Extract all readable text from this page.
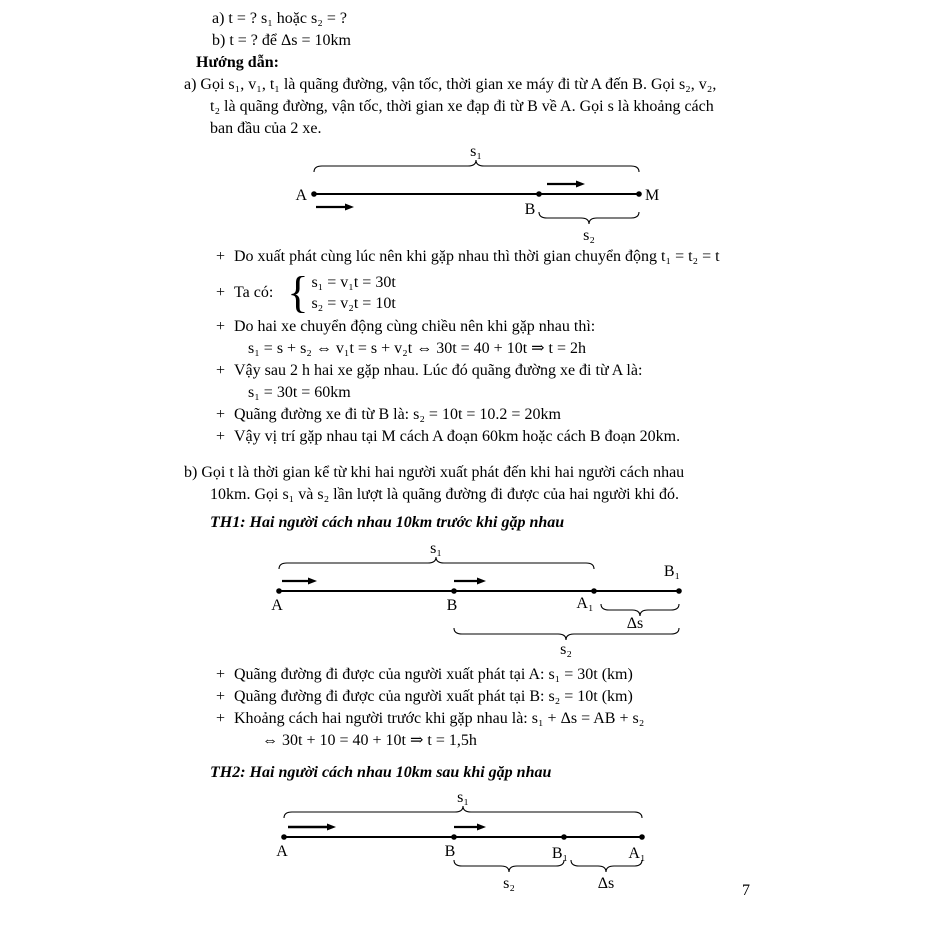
a) t = ? s₁ hoặc s₂ = ?
b) t = ? để Δs = 10km
Hướng dẫn:
a) Gọi s₁, v₁, t₁ là quãng đường, vận tốc, thời gian xe máy đi từ A đến B. Gọi s₂, v₂,
t₂ là quãng đường, vận tốc, thời gian xe đạp đi từ B về A. Gọi s là khoảng cách
ban đầu của 2 xe.
s₁
A	M
B
s₂
+ Do xuất phát cùng lúc nên khi gặp nhau thì thời gian chuyển động t₁ = t₂ = t
+ Ta có: { s₁ = v₁t = 30t
s₂ = v₂t = 10t
+ Do hai xe chuyển động cùng chiều nên khi gặp nhau thì:
s₁ = s + s₂ ⇔ v₁t = s + v₂t ⇔ 30t = 40 + 10t ⇒ t = 2h
+ Vậy sau 2 h hai xe gặp nhau. Lúc đó quãng đường xe đi từ A là:
s₁ = 30t = 60km
+ Quãng đường xe đi từ B là: s₂ = 10t = 10.2 = 20km
+ Vậy vị trí gặp nhau tại M cách A đoạn 60km hoặc cách B đoạn 20km.
b) Gọi t là thời gian kể từ khi hai người xuất phát đến khi hai người cách nhau
10km. Gọi s₁ và s₂ lần lượt là quãng đường đi được của hai người khi đó.
TH1: Hai người cách nhau 10km trước khi gặp nhau
s₁
B₁
A	B	A₁
Δs
s₂
+ Quãng đường đi được của người xuất phát tại A: s₁ = 30t (km)
+ Quãng đường đi được của người xuất phát tại B: s₂ = 10t (km)
+ Khoảng cách hai người trước khi gặp nhau là: s₁ + Δs = AB + s₂
⇔ 30t + 10 = 40 + 10t ⇒ t = 1,5h
TH2: Hai người cách nhau 10km sau khi gặp nhau
s₁
A	B	B₁	A₁
s₂	Δs	7
